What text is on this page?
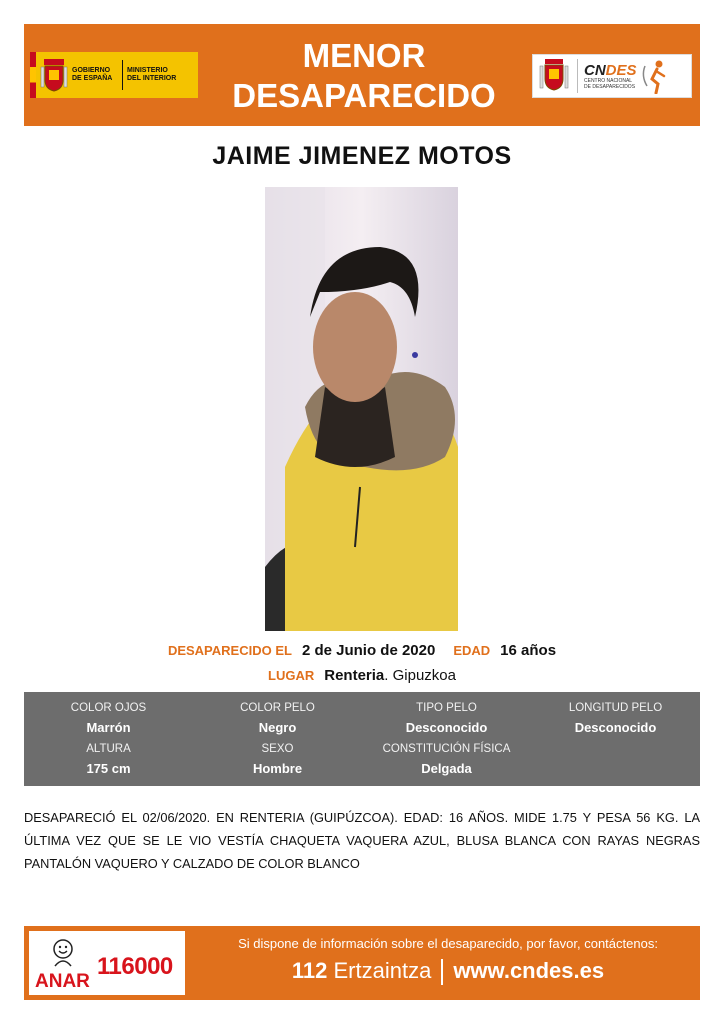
GOBIERNO
DE ESPAÑA
MINISTERIO
DEL INTERIOR
MENOR
DESAPARECIDO
CNDES
CENTRO NACIONAL
DE DESAPARECIDOS
JAIME JIMENEZ MOTOS
DESAPARECIDO EL 2 de Junio de 2020 EDAD 16 años
LUGAR Renteria. Gipuzkoa
COLOR OJOS
Marrón
COLOR PELO
Negro
TIPO PELO
Desconocido
LONGITUD PELO
Desconocido
ALTURA
175 cm
SEXO
Hombre
CONSTITUCIÓN FÍSICA
Delgada
DESAPARECIÓ EL 02/06/2020. EN RENTERIA (GUIPÚZCOA). EDAD: 16 AÑOS. MIDE 1.75 Y PESA 56 KG. LA ÚLTIMA VEZ QUE SE LE VIO VESTÍA CHAQUETA VAQUERA AZUL, BLUSA BLANCA CON RAYAS NEGRAS PANTALÓN VAQUERO Y CALZADO DE COLOR BLANCO
ANAR
116000
Si dispone de información sobre el desaparecido, por favor, contáctenos:
112 Ertzaintza www.cndes.es
